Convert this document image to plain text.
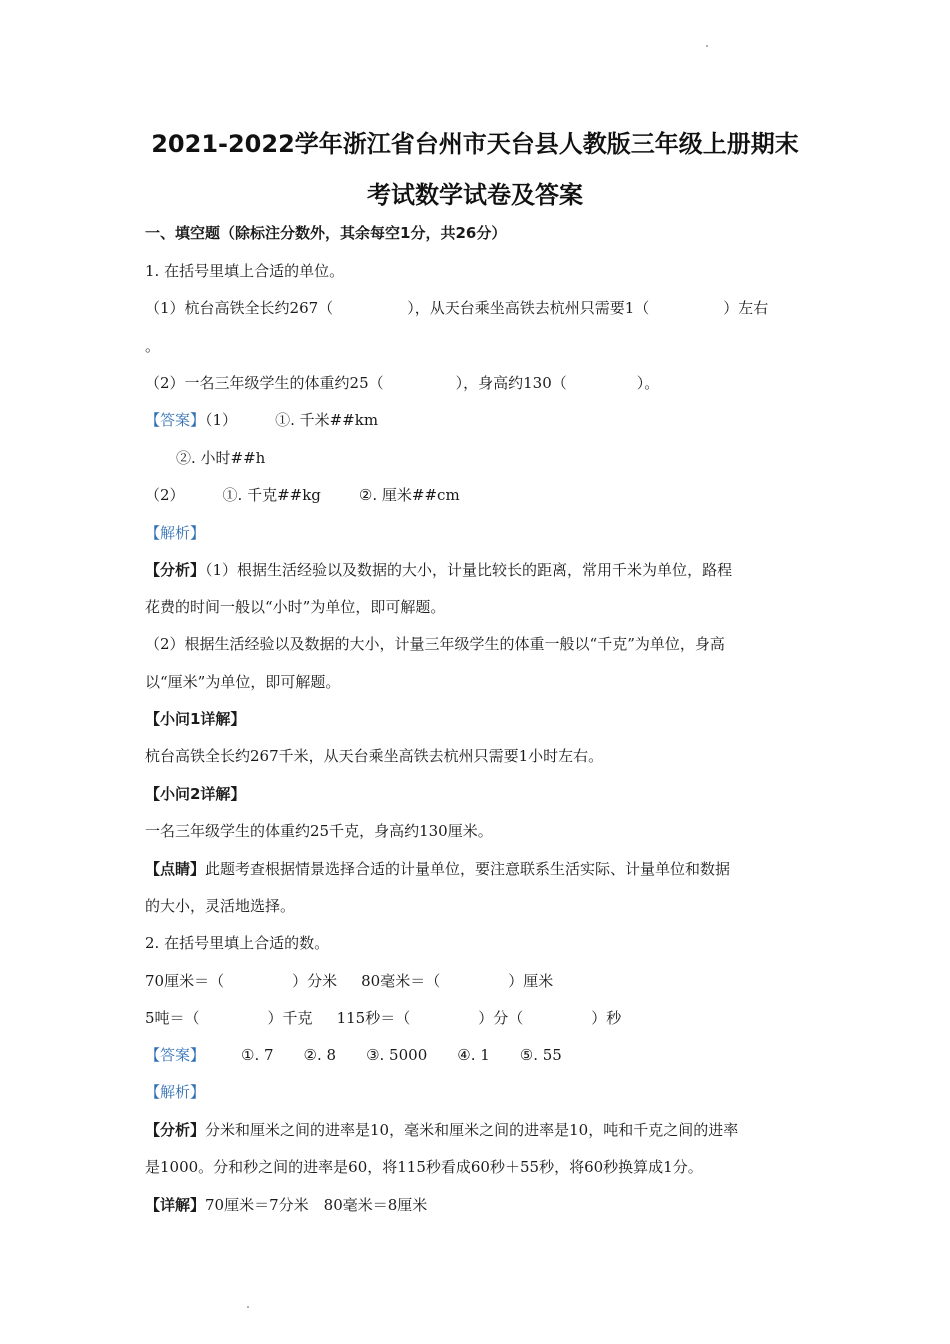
2021-2022学年浙江省台州市天台县人教版三年级上册期末
考试数学试卷及答案
一、填空题（除标注分数外，其余每空1分，共26分）
1. 在括号里填上合适的单位。
（1）杭台高铁全长约267（	），从天台乘坐高铁去杭州只需要1（	）左右
。
（2）一名三年级学生的体重约25（	），身高约130（	）。
【答案】（1）	①. 千米##km
②. 小时##h
（2）	①. 千克##kg	②. 厘米##cm
【解析】
【分析】（1）根据生活经验以及数据的大小，计量比较长的距离，常用千米为单位，路程
花费的时间一般以“小时”为单位，即可解题。
（2）根据生活经验以及数据的大小，计量三年级学生的体重一般以“千克”为单位，身高
以“厘米”为单位，即可解题。
【小问1详解】
杭台高铁全长约267千米，从天台乘坐高铁去杭州只需要1小时左右。
【小问2详解】
一名三年级学生的体重约25千克，身高约130厘米。
【点睛】此题考查根据情景选择合适的计量单位，要注意联系生活实际、计量单位和数据
的大小，灵活地选择。
2. 在括号里填上合适的数。
70厘米＝（	）分米 80毫米＝（	）厘米
5吨＝（	）千克 115秒＝（	）分（	）秒
【答案】 ①. 7 ②. 8 ③. 5000 ④. 1 ⑤. 55
【解析】
【分析】分米和厘米之间的进率是10，毫米和厘米之间的进率是10，吨和千克之间的进率
是1000。分和秒之间的进率是60，将115秒看成60秒＋55秒，将60秒换算成1分。
【详解】70厘米＝7分米　80毫米＝8厘米
